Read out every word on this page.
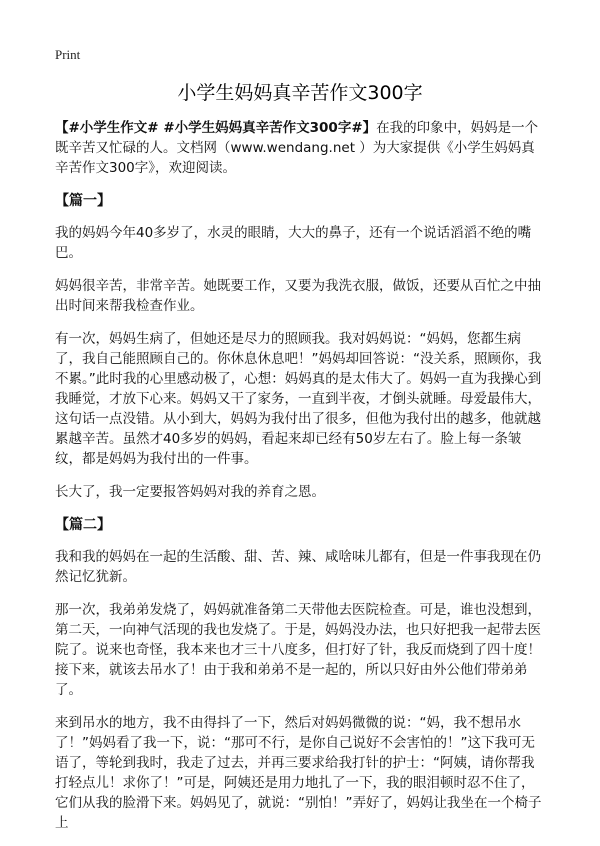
Print
小学生妈妈真辛苦作文300字

【#小学生作文# #小学生妈妈真辛苦作文300字#】在我的印象中，妈妈是一个既辛苦又忙碌的人。文档网（www.wendang.net ）为大家提供《小学生妈妈真辛苦作文300字》，欢迎阅读。

【篇一】

我的妈妈今年40多岁了，水灵的眼睛，大大的鼻子，还有一个说话滔滔不绝的嘴巴。

妈妈很辛苦，非常辛苦。她既要工作，又要为我洗衣服，做饭，还要从百忙之中抽出时间来帮我检查作业。

有一次，妈妈生病了，但她还是尽力的照顾我。我对妈妈说：“妈妈，您都生病了，我自己能照顾自己的。你休息休息吧！”妈妈却回答说：“没关系，照顾你，我不累。”此时我的心里感动极了，心想：妈妈真的是太伟大了。妈妈一直为我操心到我睡觉，才放下心来。妈妈又干了家务，一直到半夜，才倒头就睡。母爱最伟大，这句话一点没错。从小到大，妈妈为我付出了很多，但他为我付出的越多，他就越累越辛苦。虽然才40多岁的妈妈，看起来却已经有50岁左右了。脸上每一条皱纹，都是妈妈为我付出的一件事。

长大了，我一定要报答妈妈对我的养育之恩。

【篇二】

我和我的妈妈在一起的生活酸、甜、苦、辣、咸啥味儿都有，但是一件事我现在仍然记忆犹新。

那一次，我弟弟发烧了，妈妈就准备第二天带他去医院检查。可是，谁也没想到，第二天，一向神气活现的我也发烧了。于是，妈妈没办法，也只好把我一起带去医院了。说来也奇怪，我本来也才三十八度多，但打好了针，我反而烧到了四十度！接下来，就该去吊水了！由于我和弟弟不是一起的，所以只好由外公他们带弟弟了。

来到吊水的地方，我不由得抖了一下，然后对妈妈微微的说：“妈，我不想吊水了！”妈妈看了我一下，说：“那可不行，是你自己说好不会害怕的！”这下我可无语了，等轮到我时，我走了过去，并再三要求给我打针的护士：“阿姨，请你帮我打轻点儿！求你了！”可是，阿姨还是用力地扎了一下，我的眼泪顿时忍不住了，它们从我的脸滑下来。妈妈见了，就说：“别怕！”弄好了，妈妈让我坐在一个椅子上
